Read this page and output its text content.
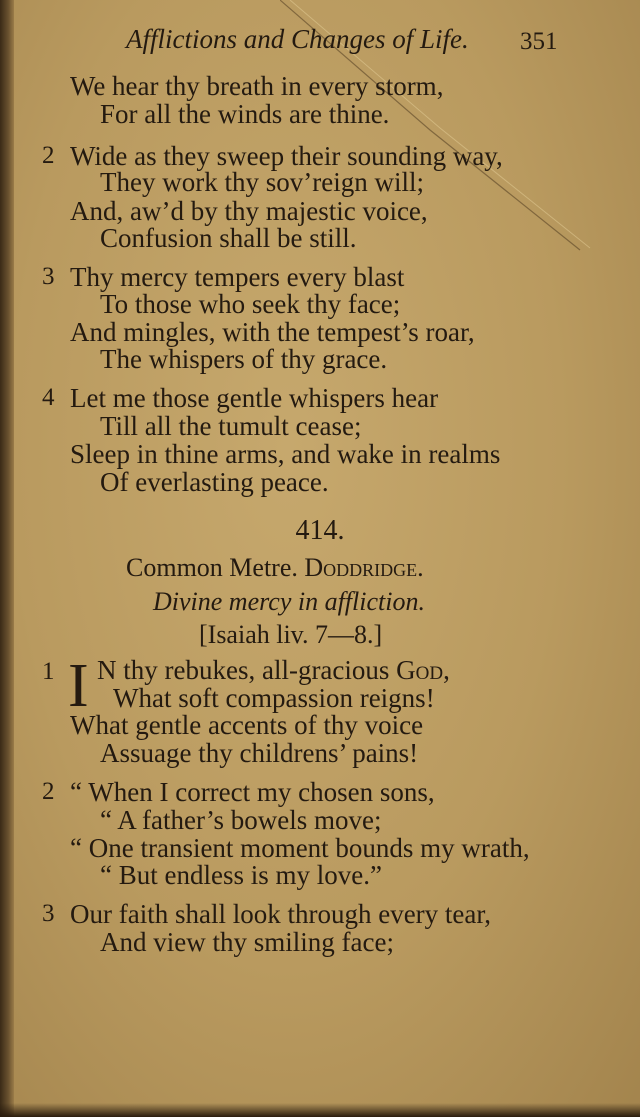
Afflictions and Changes of Life. 351
We hear thy breath in every storm,
For all the winds are thine.
2 Wide as they sweep their sounding way,
They work thy sov’reign will;
And, aw’d by thy majestic voice,
Confusion shall be still.
3 Thy mercy tempers every blast
To those who seek thy face;
And mingles, with the tempest’s roar,
The whispers of thy grace.
4 Let me those gentle whispers hear
Till all the tumult cease;
Sleep in thine arms, and wake in realms
Of everlasting peace.
414.
Common Metre. Doddridge.
Divine mercy in affliction.
[Isaiah liv. 7—8.]
1 I N thy rebukes, all-gracious God,
What soft compassion reigns!
What gentle accents of thy voice
Assuage thy childrens’ pains!
2 “ When I correct my chosen sons,
“ A father’s bowels move;
“ One transient moment bounds my wrath,
“ But endless is my love.”
3 Our faith shall look through every tear,
And view thy smiling face;
